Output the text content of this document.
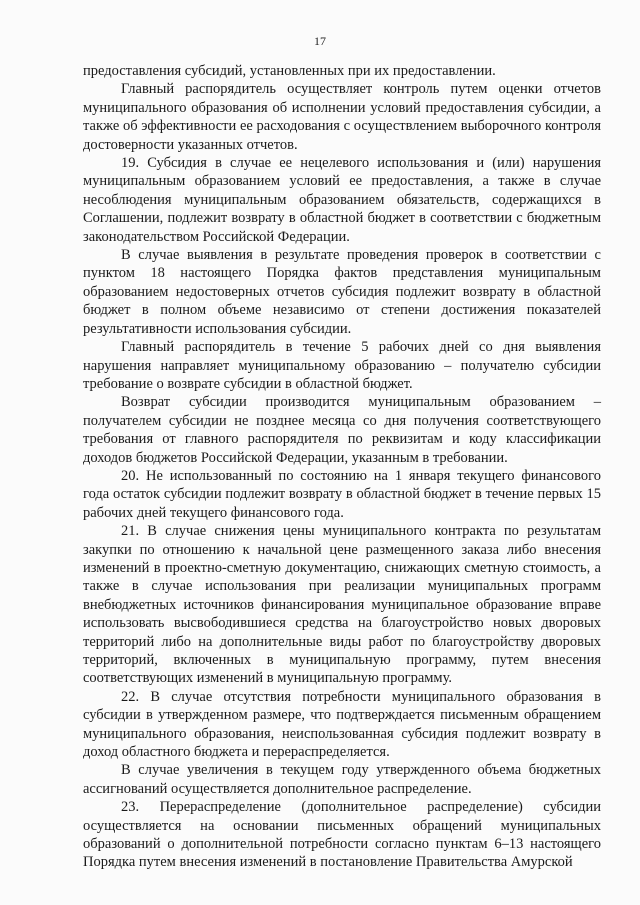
17

предоставления субсидий, установленных при их предоставлении.

Главный распорядитель осуществляет контроль путем оценки отчетов муниципального образования об исполнении условий предоставления субсидии, а также об эффективности ее расходования с осуществлением выборочного контроля достоверности указанных отчетов.

19. Субсидия в случае ее нецелевого использования и (или) нарушения муниципальным образованием условий ее предоставления, а также в случае несоблюдения муниципальным образованием обязательств, содержащихся в Соглашении, подлежит возврату в областной бюджет в соответствии с бюджетным законодательством Российской Федерации.

В случае выявления в результате проведения проверок в соответствии с пунктом 18 настоящего Порядка фактов представления муниципальным образованием недостоверных отчетов субсидия подлежит возврату в областной бюджет в полном объеме независимо от степени достижения показателей результативности использования субсидии.

Главный распорядитель в течение 5 рабочих дней со дня выявления нарушения направляет муниципальному образованию – получателю субсидии требование о возврате субсидии в областной бюджет.

Возврат субсидии производится муниципальным образованием – получателем субсидии не позднее месяца со дня получения соответствующего требования от главного распорядителя по реквизитам и коду классификации доходов бюджетов Российской Федерации, указанным в требовании.

20. Не использованный по состоянию на 1 января текущего финансового года остаток субсидии подлежит возврату в областной бюджет в течение первых 15 рабочих дней текущего финансового года.

21. В случае снижения цены муниципального контракта по результатам закупки по отношению к начальной цене размещенного заказа либо внесения изменений в проектно-сметную документацию, снижающих сметную стоимость, а также в случае использования при реализации муниципальных программ внебюджетных источников финансирования муниципальное образование вправе использовать высвободившиеся средства на благоустройство новых дворовых территорий либо на дополнительные виды работ по благоустройству дворовых территорий, включенных в муниципальную программу, путем внесения соответствующих изменений в муниципальную программу.

22. В случае отсутствия потребности муниципального образования в субсидии в утвержденном размере, что подтверждается письменным обращением муниципального образования, неиспользованная субсидия подлежит возврату в доход областного бюджета и перераспределяется.

В случае увеличения в текущем году утвержденного объема бюджетных ассигнований осуществляется дополнительное распределение.

23. Перераспределение (дополнительное распределение) субсидии осуществляется на основании письменных обращений муниципальных образований о дополнительной потребности согласно пунктам 6–13 настоящего Порядка путем внесения изменений в постановление Правительства Амурской
